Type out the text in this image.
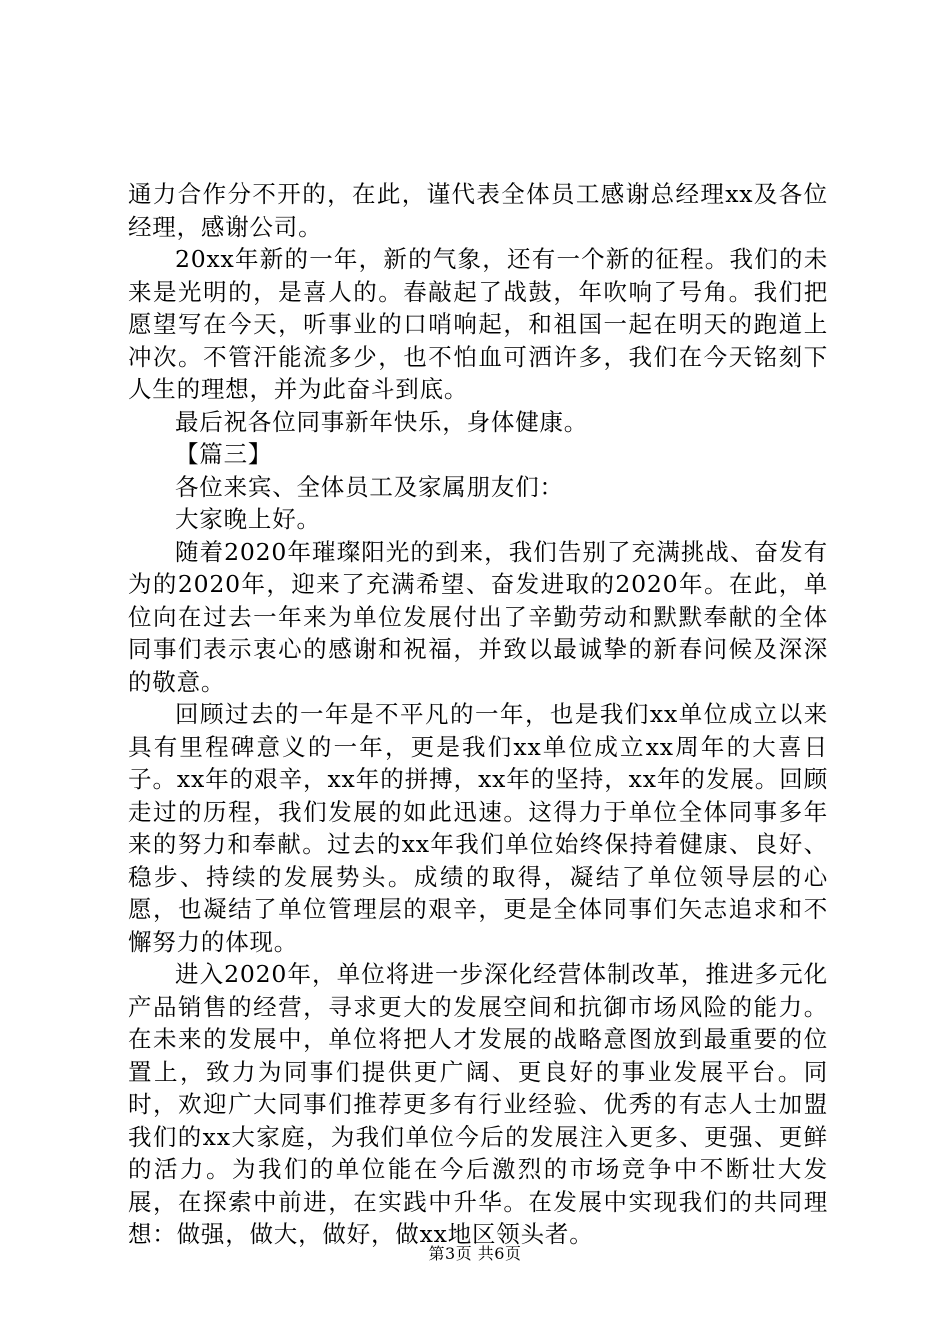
通力合作分不开的，在此，谨代表全体员工感谢总经理xx及各位经理，感谢公司。

20xx年新的一年，新的气象，还有一个新的征程。我们的未来是光明的，是喜人的。春敲起了战鼓，年吹响了号角。我们把愿望写在今天，听事业的口哨响起，和祖国一起在明天的跑道上冲次。不管汗能流多少，也不怕血可洒许多，我们在今天铭刻下人生的理想，并为此奋斗到底。

最后祝各位同事新年快乐，身体健康。

【篇三】

各位来宾、全体员工及家属朋友们：

大家晚上好。

随着2020年璀璨阳光的到来，我们告别了充满挑战、奋发有为的2020年，迎来了充满希望、奋发进取的2020年。在此，单位向在过去一年来为单位发展付出了辛勤劳动和默默奉献的全体同事们表示衷心的感谢和祝福，并致以最诚挚的新春问候及深深的敬意。

回顾过去的一年是不平凡的一年，也是我们xx单位成立以来具有里程碑意义的一年，更是我们xx单位成立xx周年的大喜日子。xx年的艰辛，xx年的拼搏，xx年的坚持，xx年的发展。回顾走过的历程，我们发展的如此迅速。这得力于单位全体同事多年来的努力和奉献。过去的xx年我们单位始终保持着健康、良好、稳步、持续的发展势头。成绩的取得，凝结了单位领导层的心愿，也凝结了单位管理层的艰辛，更是全体同事们矢志追求和不懈努力的体现。

进入2020年，单位将进一步深化经营体制改革，推进多元化产品销售的经营，寻求更大的发展空间和抗御市场风险的能力。在未来的发展中，单位将把人才发展的战略意图放到最重要的位置上，致力为同事们提供更广阔、更良好的事业发展平台。同时，欢迎广大同事们推荐更多有行业经验、优秀的有志人士加盟我们的xx大家庭，为我们单位今后的发展注入更多、更强、更鲜的活力。为我们的单位能在今后激烈的市场竞争中不断壮大发展，在探索中前进，在实践中升华。在发展中实现我们的共同理想：做强，做大，做好，做xx地区领头者。

第3页 共6页
